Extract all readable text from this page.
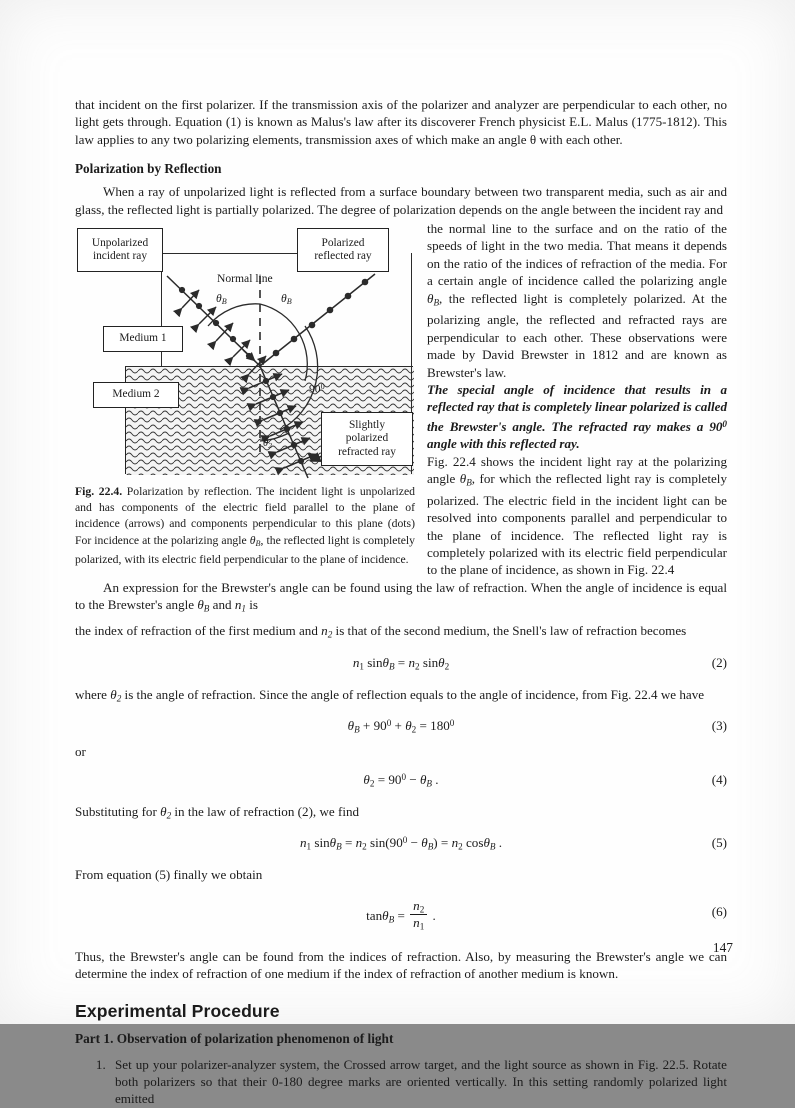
that incident on the first polarizer. If the transmission axis of the polarizer and analyzer are perpendicular to each other, no light gets through. Equation (1) is known as Malus's law after its discoverer French physicist E.L. Malus (1775-1812). This law applies to any two polarizing elements, transmission axes of which make an angle θ with each other.

Polarization by Reflection

When a ray of unpolarized light is reflected from a surface boundary between two transparent media, such as air and glass, the reflected light is partially polarized. The degree of polarization depends on the angle between the incident ray and

Unpolarized
incident ray
Polarized
reflected ray
Medium 1
Medium 2
Slightly
polarized
refracted ray
Normal line
$\theta_B$	$\theta_B$
$90^0$
$\theta_2$
Fig. 22.4. Polarization by reflection. The incident light is unpolarized and has components of the electric field parallel to the plane of incidence (arrows) and components perpendicular to this plane (dots) For incidence at the polarizing angle $\theta_B$, the reflected light is completely polarized, with its electric field perpendicular to the plane of incidence.

the normal line to the surface and on the ratio of the speeds of light in the two media. That means it depends on the ratio of the indices of refraction of the media. For a certain angle of incidence called the polarizing angle $\theta_B$, the reflected light is completely polarized. At the polarizing angle, the reflected and refracted rays are perpendicular to each other. These observations were made by David Brewster in 1812 and are known as Brewster's law.

The special angle of incidence that results in a reflected ray that is completely linear polarized is called the Brewster's angle. The refracted ray makes a $90^0$ angle with this reflected ray.

Fig. 22.4 shows the incident light ray at the polarizing angle $\theta_B$, for which the reflected light ray is completely polarized. The electric field in the incident light can be resolved into components parallel and perpendicular to the plane of incidence. The reflected light ray is completely polarized with its electric field perpendicular to the plane of incidence, as shown in Fig. 22.4

An expression for the Brewster's angle can be found using the law of refraction. When the angle of incidence is equal to the Brewster's angle $\theta_B$ and $n_1$ is

the index of refraction of the first medium and $n_2$ is that of the second medium, the Snell's law of refraction becomes

$n_1$ $\sin\theta_B = n_2$ sinθ$_2$	(2)

where $\theta_2$ is the angle of refraction. Since the angle of reflection equals to the angle of incidence, from Fig. 22.4 we have

$\theta_B + 90^0 + \theta_2 = 180^0$	(3)

or

$\theta_2 = 90^0 - \theta_B$ .	(4)

Substituting for $\theta_2$ in the law of refraction (2), we find

$n_1$ $\sin\theta_B = n_2$ $\sin(90^0 - \theta_B) = n_2$ cosθ$_B$ .	(5)

From equation (5) finally we obtain

$\tan\theta_B = \frac{n_2}{n_1}$ .	(6)

Thus, the Brewster's angle can be found from the indices of refraction. Also, by measuring the Brewster's angle we can determine the index of refraction of one medium if the index of refraction of another medium is known.

Experimental Procedure
Part 1. Observation of polarization phenomenon of light
1. Set up your polarizer-analyzer system, the Crossed arrow target, and the light source as shown in Fig. 22.5. Rotate both polarizers so that their 0-180 degree marks are oriented vertically. In this setting randomly polarized light emitted
147
